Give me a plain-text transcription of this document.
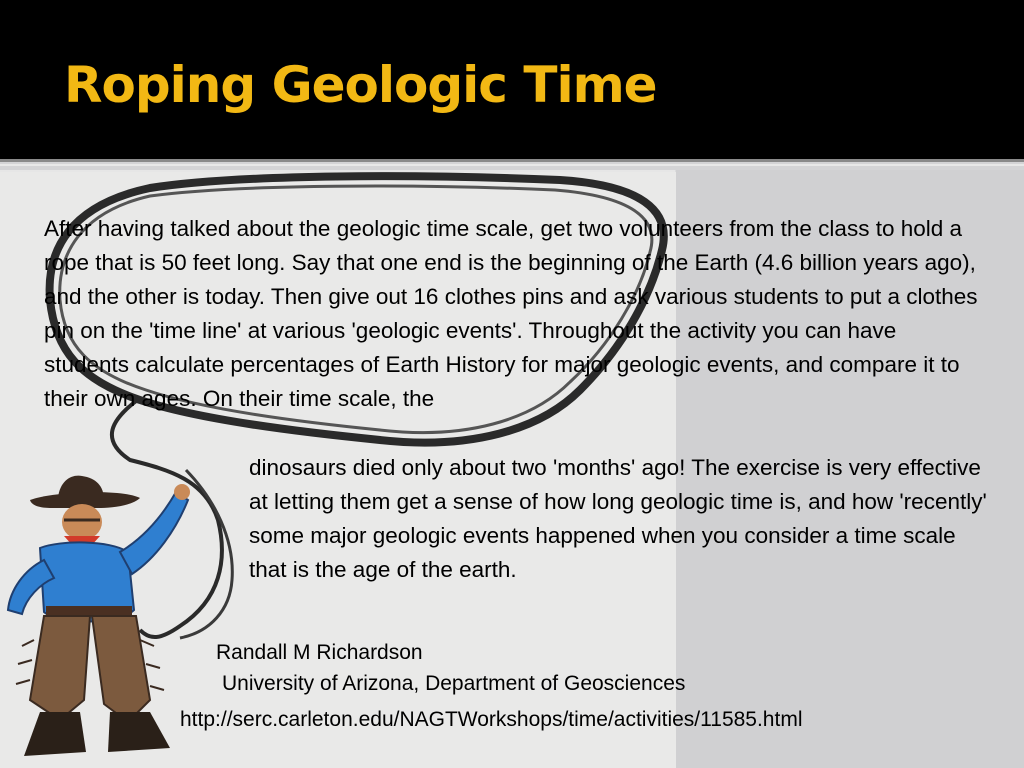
Roping Geologic Time

After having talked about the geologic time scale, get two volunteers from the class to hold a rope that is 50 feet long. Say that one end is the beginning of the Earth (4.6 billion years ago), and the other is today. Then give out 16 clothes pins and ask various students to put a clothes pin on the 'time line' at various 'geologic events'. Throughout the activity you can have students calculate percentages of Earth History for major geologic events, and compare it to their own ages. On their time scale, the

dinosaurs died only about two 'months' ago! The exercise is very effective at letting them get a sense of how long geologic time is, and how 'recently' some major geologic events happened when you consider a time scale that is the age of the earth.

Randall M Richardson
University of Arizona, Department of Geosciences
http://serc.carleton.edu/NAGTWorkshops/time/activities/11585.html
